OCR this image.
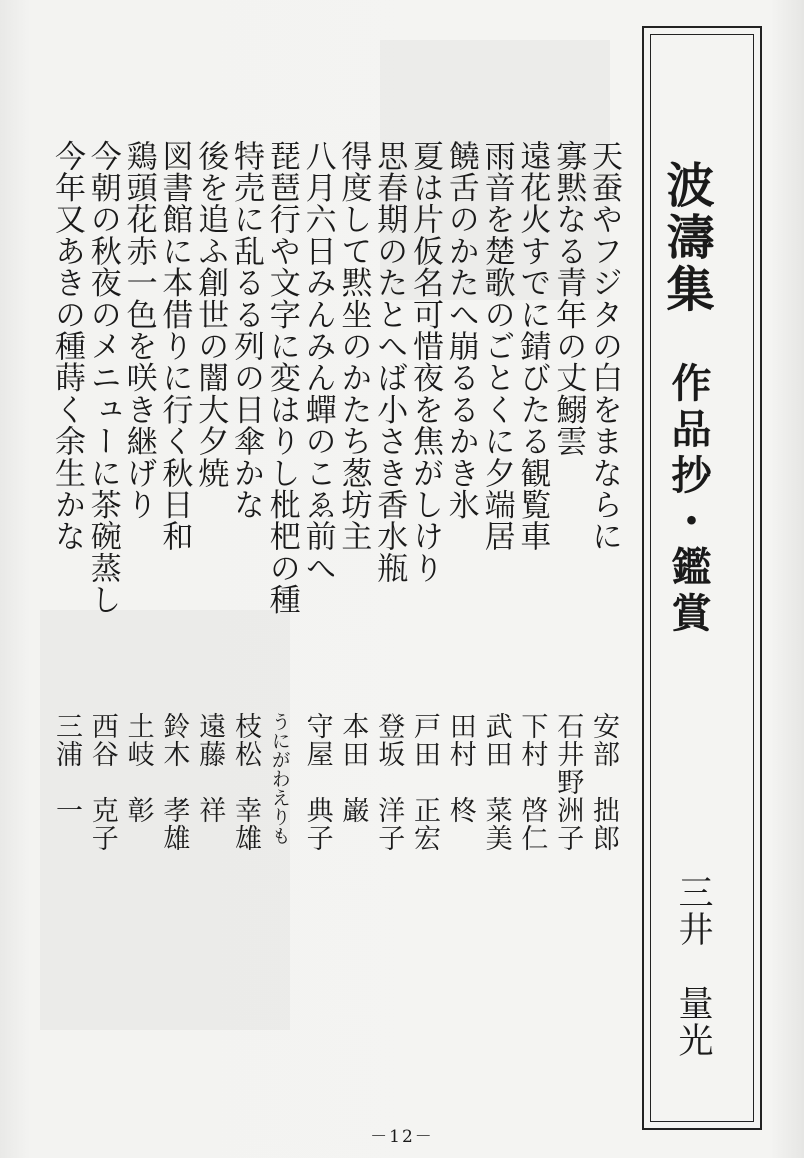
波濤集
作品抄・鑑賞
三井　量光
天蚕やフジタの白をまならに
安部　拙郎
寡黙なる青年の丈鰯雲
石井野洲子
遠花火すでに錆びたる観覧車
下村　啓仁
雨音を楚歌のごとくに夕端居
武田　菜美
饒舌のかたへ崩るるかき氷
田村　柊
夏は片仮名可惜夜を焦がしけり
戸田　正宏
思春期のたとへば小さき香水瓶
登坂　洋子
得度して黙坐のかたち葱坊主
本田　巌
八月六日みんみん蟬のこゑ前へ
守屋　典子
琵琶行や文字に変はりし枇杷の種
うにがわえりも
特売に乱るる列の日傘かな
枝松　幸雄
後を追ふ創世の闇大夕焼
遠藤　祥
図書館に本借りに行く秋日和
鈴木　孝雄
鶏頭花赤一色を咲き継げり
土岐　彰
今朝の秋夜のメニューに茶碗蒸し
西谷　克子
今年又あきの種蒔く余生かな
三浦　一
－12－
